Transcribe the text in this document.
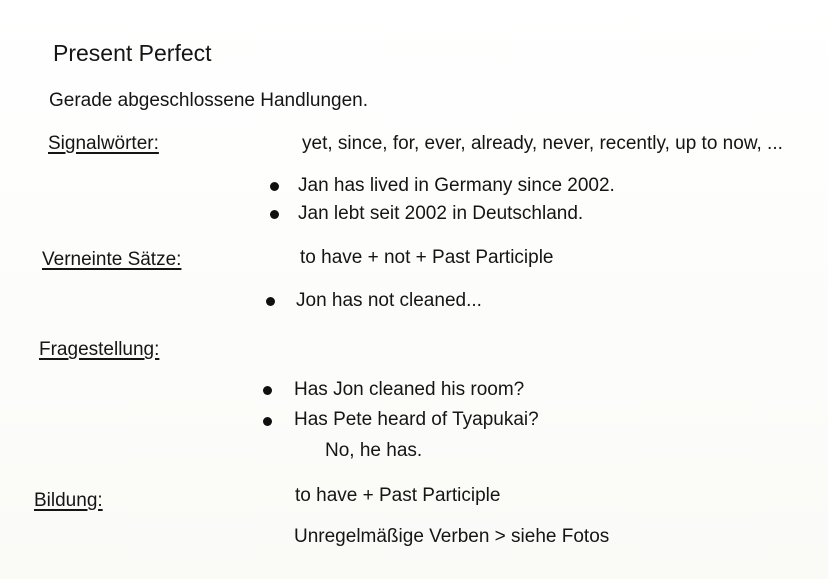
Present Perfect
Gerade abgeschlossene Handlungen.
Signalwörter:	yet, since, for, ever, already, never, recently, up to now, ...
Jan has lived in Germany since 2002.
Jan lebt seit 2002 in Deutschland.
Verneinte Sätze:	to have + not + Past Participle
Jon has not cleaned...
Fragestellung:
Has Jon cleaned his room?
Has Pete heard of Tyapukai?
No, he has.
Bildung:	to have + Past Participle
Unregelmäßige Verben > siehe Fotos
